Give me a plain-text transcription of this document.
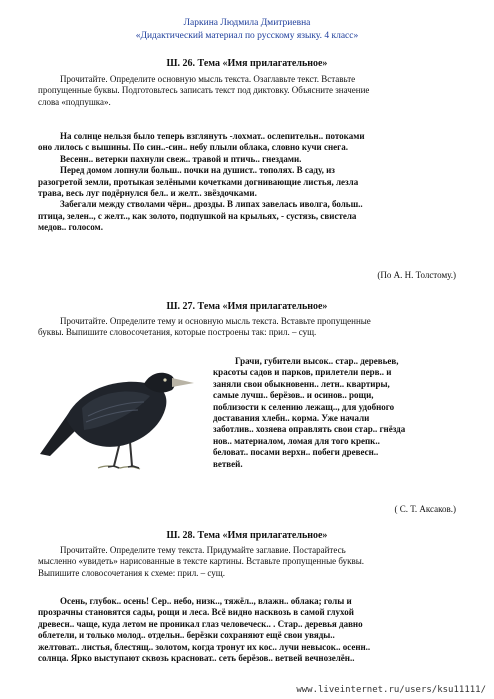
Ларкина Людмила Дмитриевна
«Дидактический материал по русскому языку. 4 класс»
Ш. 26. Тема «Имя прилагательное»
Прочитайте. Определите основную мысль текста. Озаглавьте текст. Вставьте
пропущенные буквы. Подготовьтесь записать текст под диктовку. Объясните значение
слова «подпушка».
На солнце нельзя было теперь взглянуть -лохмат.. ослепительн.. потоками
оно лилось с вышины. По син..-син.. небу плыли облака, словно кучи снега.
Весенн.. ветерки пахнули свеж.. травой и птичь.. гнездами.
Перед домом лопнули больш.. почки на душист.. тополях. В саду, из
разогретой земли, протыкая зелёными кочетками догнивающие листья, лезла
трава, весь луг подёрнулся бел.. и желт.. звёздочками.
Забегали между стволами чёрн.. дрозды. В липах завелась иволга, больш..
птица, зелен.., с желт.., как золото, подпушкой на крыльях, - сустязь, свистела
медов.. голосом.
(По А. Н. Толстому.)
Ш. 27. Тема «Имя прилагательное»
Прочитайте. Определите тему и основную мысль текста. Вставьте пропущенные
буквы. Выпишите словосочетания, которые построены так: прил. – сущ.
Грачи, губители высок.. стар.. деревьев,
красоты садов и парков, прилетели перв.. и
заняли свои обыкновенн.. летн.. квартиры,
самые лучш.. берёзов.. и осинов.. рощи,
поблизости к селению лежащ.., для удобного
доставания хлебн.. корма. Уже начали
заботлив.. хозяева оправлять свои стар.. гнёзда
нов.. материалом, ломая для того крепк..
беловат.. посами верхн.. побеги древесн..
ветвей.
( С. Т. Аксаков.)
Ш. 28. Тема «Имя прилагательное»
Прочитайте. Определите тему текста. Придумайте заглавие. Постарайтесь
мысленно «увидеть» нарисованные в тексте картины. Вставьте пропущенные буквы.
Выпишите словосочетания к схеме: прил. – сущ.
Осень, глубок.. осень! Сер.. небо, низк.., тяжёл.., влажн.. облака; голы и
прозрачны становятся сады, рощи и леса. Всё видно насквозь в самой глухой
древесн.. чаще, куда летом не проникал глаз человеческ.. . Стар.. деревья давно
облетели, и только молод.. отдельн.. берёзки сохраняют ещё свои увяды..
желтоват.. листья, блестящ.. золотом, когда тронут их кос.. лучи невысок.. осенн..
солнца. Ярко выступают сквозь красноват.. сеть берёзов.. ветвей вечнозелён..
www.liveinternet.ru/users/ksu11111/
